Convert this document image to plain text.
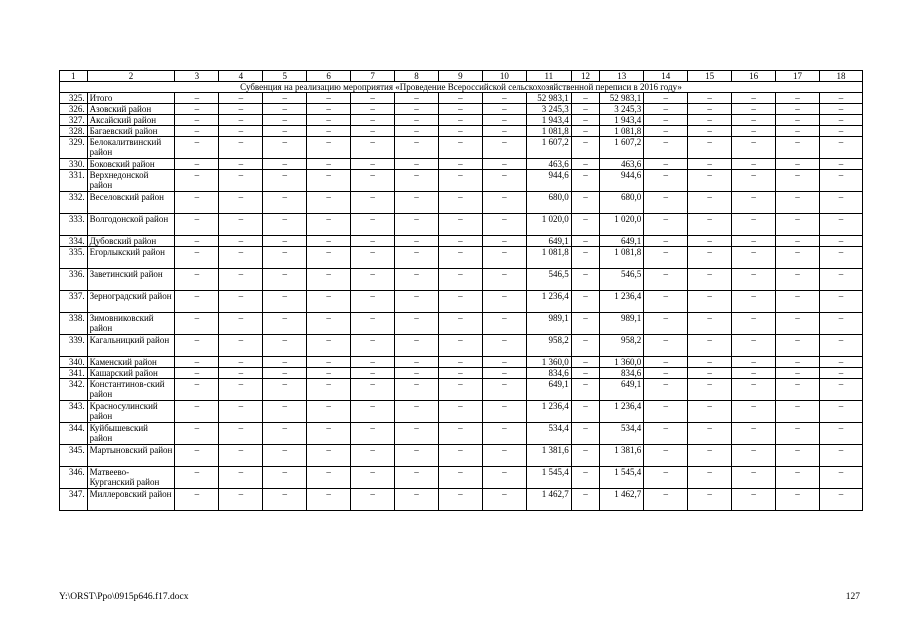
1	2	3	4	5	6	7	8	9	10	11	12	13	14	15	16	17	18
Субвенция на реализацию мероприятия «Проведение Всероссийской сельскохозяйственной переписи в 2016 году»																	
325.	Итого	–	–	–	–	–	–	–	–	52 983,1	–	52 983,1	–	–	–	–	–
326.	Азовский район	–	–	–	–	–	–	–	–	3 245,3	–	3 245,3	–	–	–	–	–
327.	Аксайский район	–	–	–	–	–	–	–	–	1 943,4	–	1 943,4	–	–	–	–	–
328.	Багаевский район	–	–	–	–	–	–	–	–	1 081,8	–	1 081,8	–	–	–	–	–
329.	Белокалитвинский район	–	–	–	–	–	–	–	–	1 607,2	–	1 607,2	–	–	–	–	–
330.	Боковский район	–	–	–	–	–	–	–	–	463,6	–	463,6	–	–	–	–	–
331.	Верхнедонской район	–	–	–	–	–	–	–	–	944,6	–	944,6	–	–	–	–	–
332.	Веселовский район	–	–	–	–	–	–	–	–	680,0	–	680,0	–	–	–	–	–
333.	Волгодонской район	–	–	–	–	–	–	–	–	1 020,0	–	1 020,0	–	–	–	–	–
334.	Дубовский район	–	–	–	–	–	–	–	–	649,1	–	649,1	–	–	–	–	–
335.	Егорлыкский район	–	–	–	–	–	–	–	–	1 081,8	–	1 081,8	–	–	–	–	–
336.	Заветинский район	–	–	–	–	–	–	–	–	546,5	–	546,5	–	–	–	–	–
337.	Зерноградский район	–	–	–	–	–	–	–	–	1 236,4	–	1 236,4	–	–	–	–	–
338.	Зимовниковский район	–	–	–	–	–	–	–	–	989,1	–	989,1	–	–	–	–	–
339.	Кагальницкий район	–	–	–	–	–	–	–	–	958,2	–	958,2	–	–	–	–	–
340.	Каменский район	–	–	–	–	–	–	–	–	1 360,0	–	1 360,0	–	–	–	–	–
341.	Кашарский район	–	–	–	–	–	–	–	–	834,6	–	834,6	–	–	–	–	–
342.	Константинов-ский район	–	–	–	–	–	–	–	–	649,1	–	649,1	–	–	–	–	–
343.	Красносулинский район	–	–	–	–	–	–	–	–	1 236,4	–	1 236,4	–	–	–	–	–
344.	Куйбышевский район	–	–	–	–	–	–	–	–	534,4	–	534,4	–	–	–	–	–
345.	Мартыновский район	–	–	–	–	–	–	–	–	1 381,6	–	1 381,6	–	–	–	–	–
346.	Матвеево-Курганский район	–	–	–	–	–	–	–	–	1 545,4	–	1 545,4	–	–	–	–	–
347.	Миллеровский район	–	–	–	–	–	–	–	–	1 462,7	–	1 462,7	–	–	–	–	–
Y:\ORST\Ppo\0915p646.f17.docx	127
